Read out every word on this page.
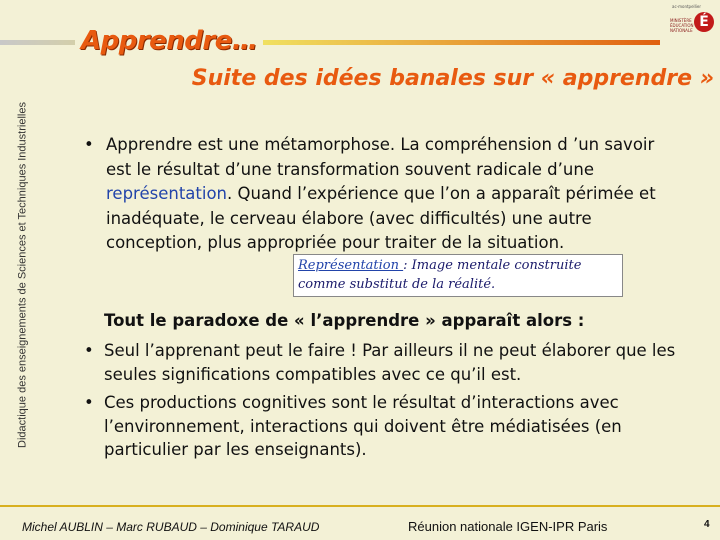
Apprendre…
Suite des idées banales sur « apprendre »
ac-montpellier
MINISTÈRE
ÉDUCATION
NATIONALE
É
Didactique des enseignements de Sciences et Techniques Industrielles	• Apprendre est une métamorphose. La compréhension d ’un savoir est le résultat d’une transformation souvent radicale d’une représentation. Quand l’expérience que l’on a apparaît périmée et inadéquate, le cerveau élabore (avec difficultés) une autre conception, plus appropriée pour traiter de la situation.
Représentation : Image mentale construite comme substitut de la réalité.
Tout le paradoxe de « l’apprendre » apparaît alors :
• Seul l’apprenant peut le faire ! Par ailleurs il ne peut élaborer que les seules significations compatibles avec ce qu’il est.
• Ces productions cognitives sont le résultat d’interactions avec l’environnement, interactions qui doivent être médiatisées (en particulier par les enseignants).
Michel AUBLIN – Marc RUBAUD – Dominique TARAUD	Réunion nationale IGEN-IPR Paris	4
